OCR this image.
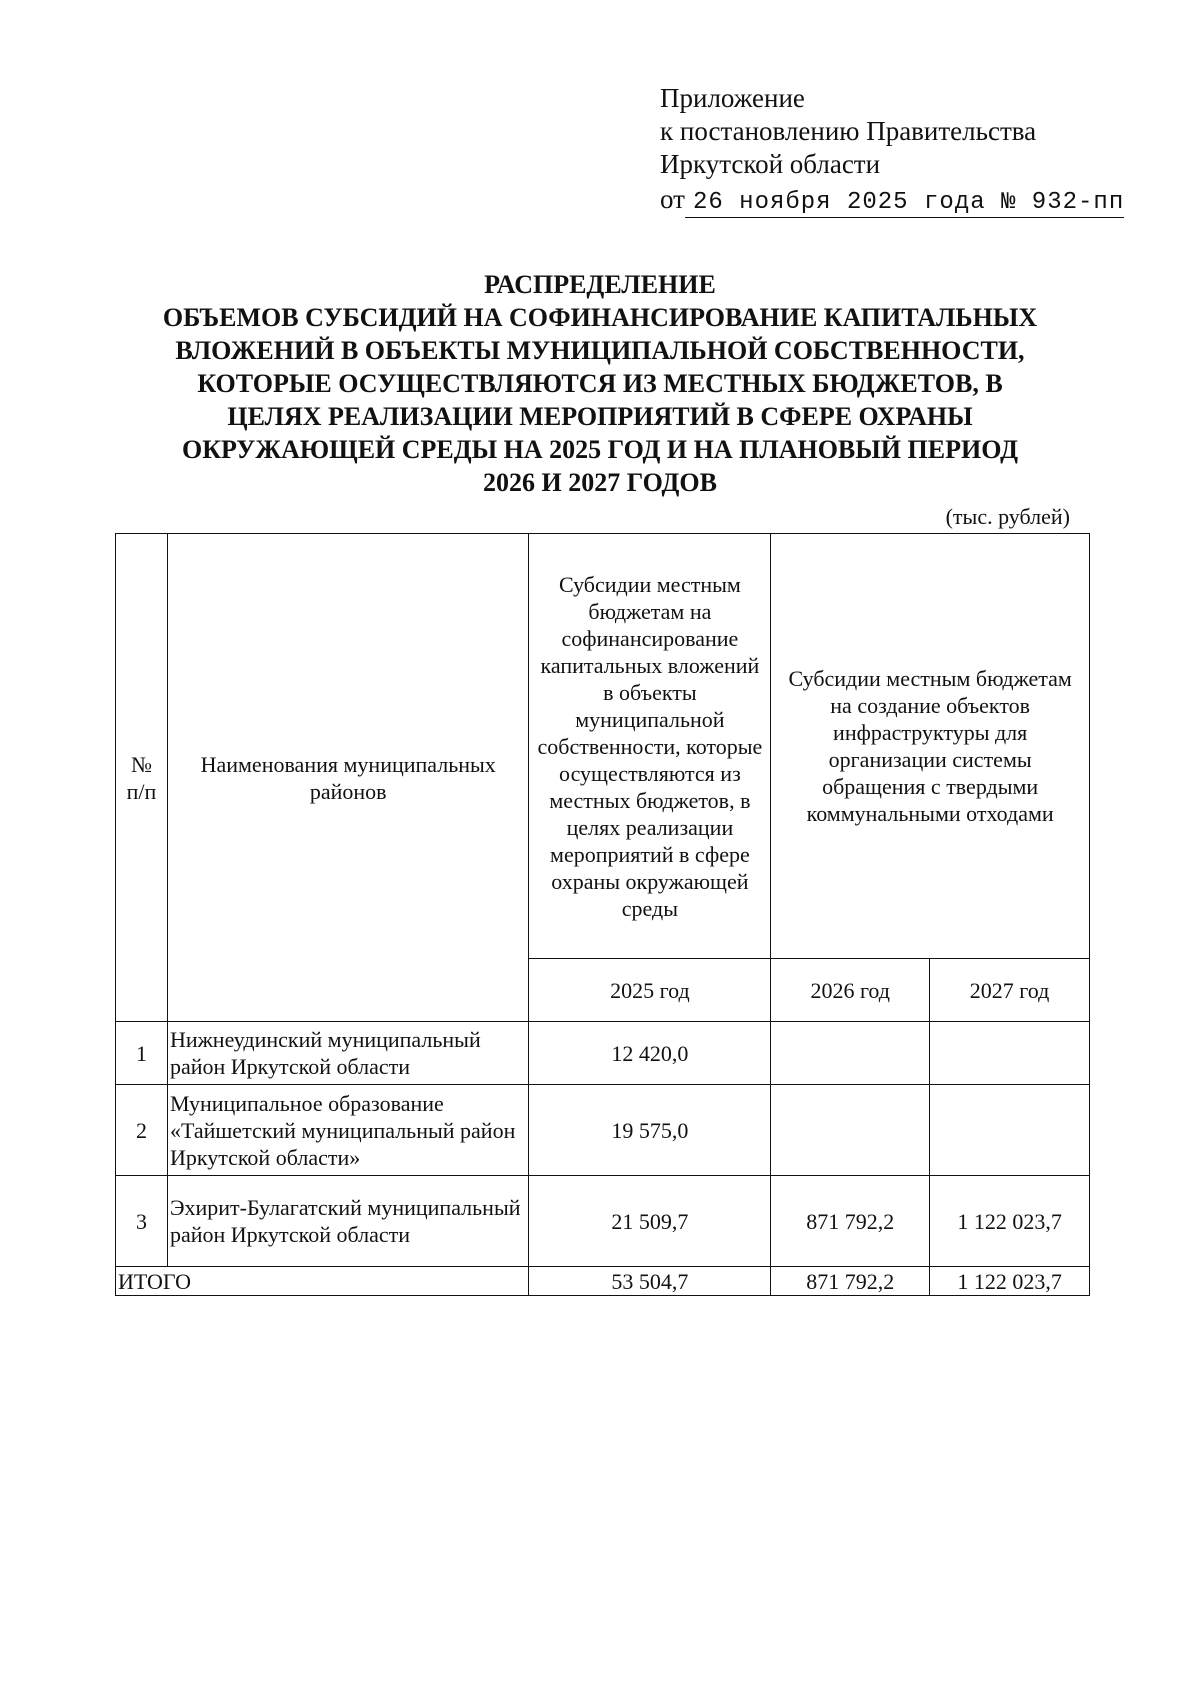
Приложение
к постановлению Правительства
Иркутской области
от 26 ноября 2025 года № 932-пп
РАСПРЕДЕЛЕНИЕ
ОБЪЕМОВ СУБСИДИЙ НА СОФИНАНСИРОВАНИЕ КАПИТАЛЬНЫХ
ВЛОЖЕНИЙ В ОБЪЕКТЫ МУНИЦИПАЛЬНОЙ СОБСТВЕННОСТИ,
КОТОРЫЕ ОСУЩЕСТВЛЯЮТСЯ ИЗ МЕСТНЫХ БЮДЖЕТОВ, В
ЦЕЛЯХ РЕАЛИЗАЦИИ МЕРОПРИЯТИЙ В СФЕРЕ ОХРАНЫ
ОКРУЖАЮЩЕЙ СРЕДЫ НА 2025 ГОД И НА ПЛАНОВЫЙ ПЕРИОД
2026 И 2027 ГОДОВ
(тыс. рублей)
№ п/п	Наименования муниципальных районов	Субсидии местным бюджетам на софинансирование капитальных вложений в объекты муниципальной собственности, которые осуществляются из местных бюджетов, в целях реализации мероприятий в сфере охраны окружающей среды	Субсидии местным бюджетам на создание объектов инфраструктуры для организации системы обращения с твердыми коммунальными отходами	
		2025 год	2026 год	2027 год
1	Нижнеудинский муниципальный район Иркутской области	12 420,0		
2	Муниципальное образование «Тайшетский муниципальный район Иркутской области»	19 575,0		
3	Эхирит-Булагатский муниципальный район Иркутской области	21 509,7	871 792,2	1 122 023,7
ИТОГО		53 504,7	871 792,2	1 122 023,7
